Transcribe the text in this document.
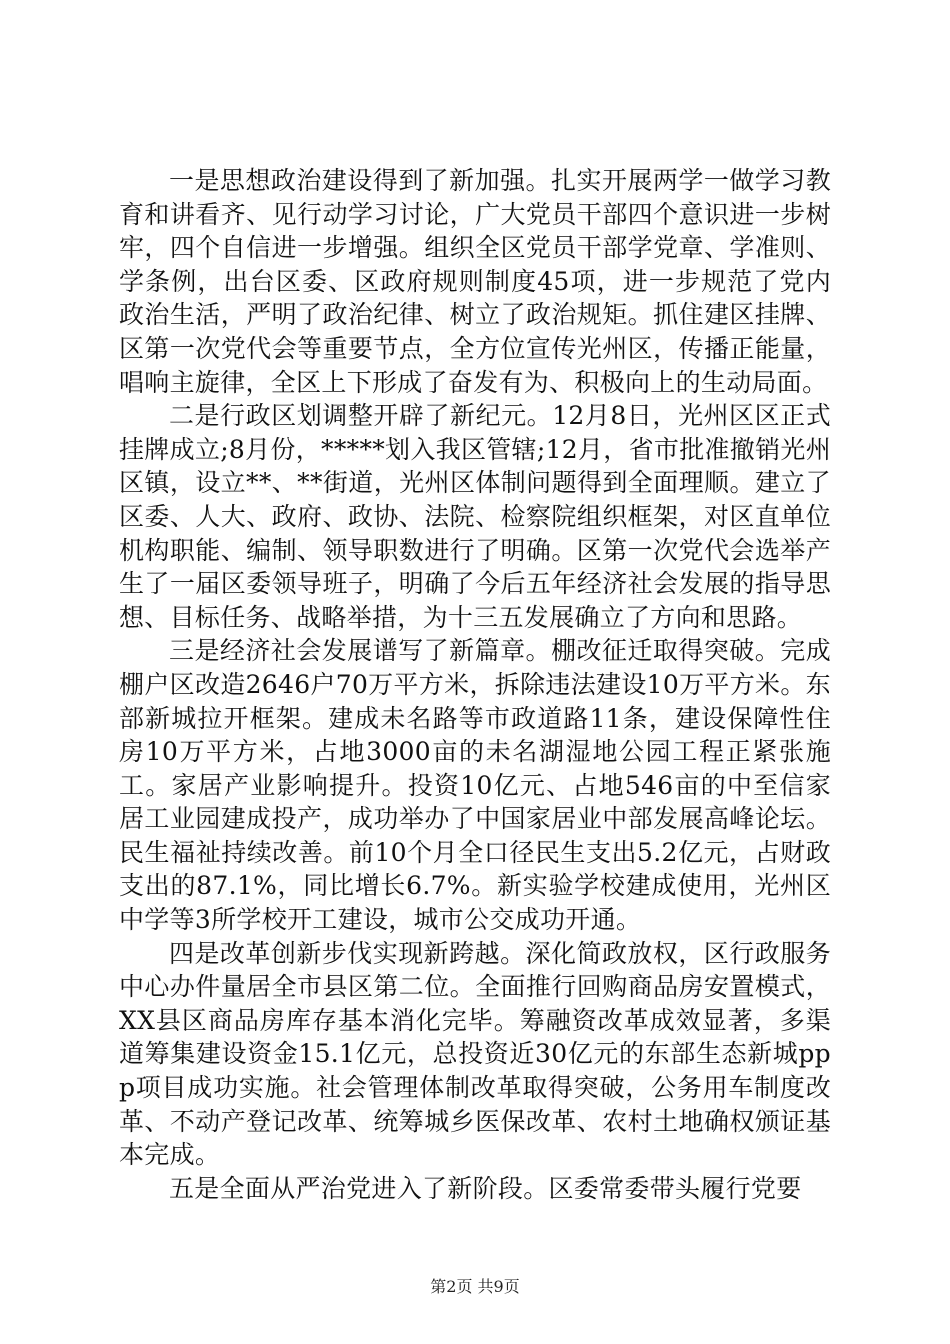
一是思想政治建设得到了新加强。扎实开展两学一做学习教育和讲看齐、见行动学习讨论，广大党员干部四个意识进一步树牢，四个自信进一步增强。组织全区党员干部学党章、学准则、学条例，出台区委、区政府规则制度45项，进一步规范了党内政治生活，严明了政治纪律、树立了政治规矩。抓住建区挂牌、区第一次党代会等重要节点，全方位宣传光州区，传播正能量，唱响主旋律，全区上下形成了奋发有为、积极向上的生动局面。

二是行政区划调整开辟了新纪元。12月8日，光州区区正式挂牌成立;8月份，*****划入我区管辖;12月，省市批准撤销光州区镇，设立**、**街道，光州区体制问题得到全面理顺。建立了区委、人大、政府、政协、法院、检察院组织框架，对区直单位机构职能、编制、领导职数进行了明确。区第一次党代会选举产生了一届区委领导班子，明确了今后五年经济社会发展的指导思想、目标任务、战略举措，为十三五发展确立了方向和思路。

三是经济社会发展谱写了新篇章。棚改征迁取得突破。完成棚户区改造2646户70万平方米，拆除违法建设10万平方米。东部新城拉开框架。建成未名路等市政道路11条，建设保障性住房10万平方米，占地3000亩的未名湖湿地公园工程正紧张施工。家居产业影响提升。投资10亿元、占地546亩的中至信家居工业园建成投产，成功举办了中国家居业中部发展高峰论坛。民生福祉持续改善。前10个月全口径民生支出5.2亿元，占财政支出的87.1%，同比增长6.7%。新实验学校建成使用，光州区中学等3所学校开工建设，城市公交成功开通。

四是改革创新步伐实现新跨越。深化简政放权，区行政服务中心办件量居全市县区第二位。全面推行回购商品房安置模式，XX县区商品房库存基本消化完毕。筹融资改革成效显著，多渠道筹集建设资金15.1亿元，总投资近30亿元的东部生态新城ppp项目成功实施。社会管理体制改革取得突破，公务用车制度改革、不动产登记改革、统筹城乡医保改革、农村土地确权颁证基本完成。

五是全面从严治党进入了新阶段。区委常委带头履行党要

第2页 共9页
